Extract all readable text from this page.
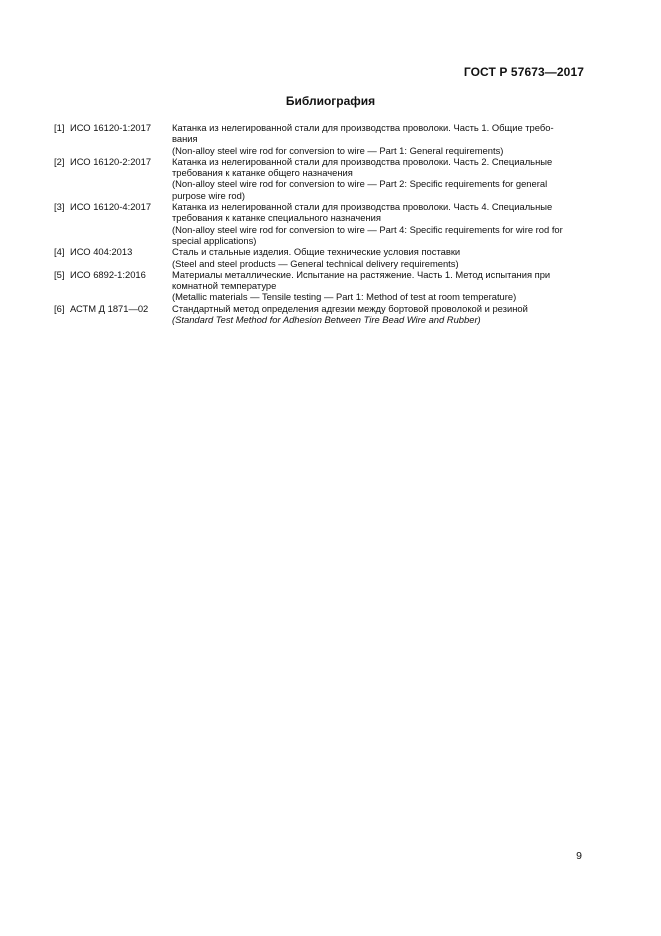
ГОСТ Р 57673—2017
Библиография
[1] ИСО 16120-1:2017	Катанка из нелегированной стали для производства проволоки. Часть 1. Общие требо-
вания
(Non-alloy steel wire rod for conversion to wire — Part 1: General requirements)
[2] ИСО 16120-2:2017	Катанка из нелегированной стали для производства проволоки. Часть 2. Специальные
требования к катанке общего назначения
(Non-alloy steel wire rod for conversion to wire — Part 2: Specific requirements for general
purpose wire rod)
[3] ИСО 16120-4:2017	Катанка из нелегированной стали для производства проволоки. Часть 4. Специальные
требования к катанке специального назначения
(Non-alloy steel wire rod for conversion to wire — Part 4: Specific requirements for wire rod for
special applications)
[4] ИСО 404:2013	Сталь и стальные изделия. Общие технические условия поставки
(Steel and steel products — General technical delivery requirements)
[5] ИСО 6892-1:2016	Материалы металлические. Испытание на растяжение. Часть 1. Метод испытания при
комнатной температуре
(Metallic materials — Tensile testing — Part 1: Method of test at room temperature)
[6] АСТМ Д 1871—02	Стандартный метод определения адгезии между бортовой проволокой и резиной
(Standard Test Method for Adhesion Between Tire Bead Wire and Rubber)
9
